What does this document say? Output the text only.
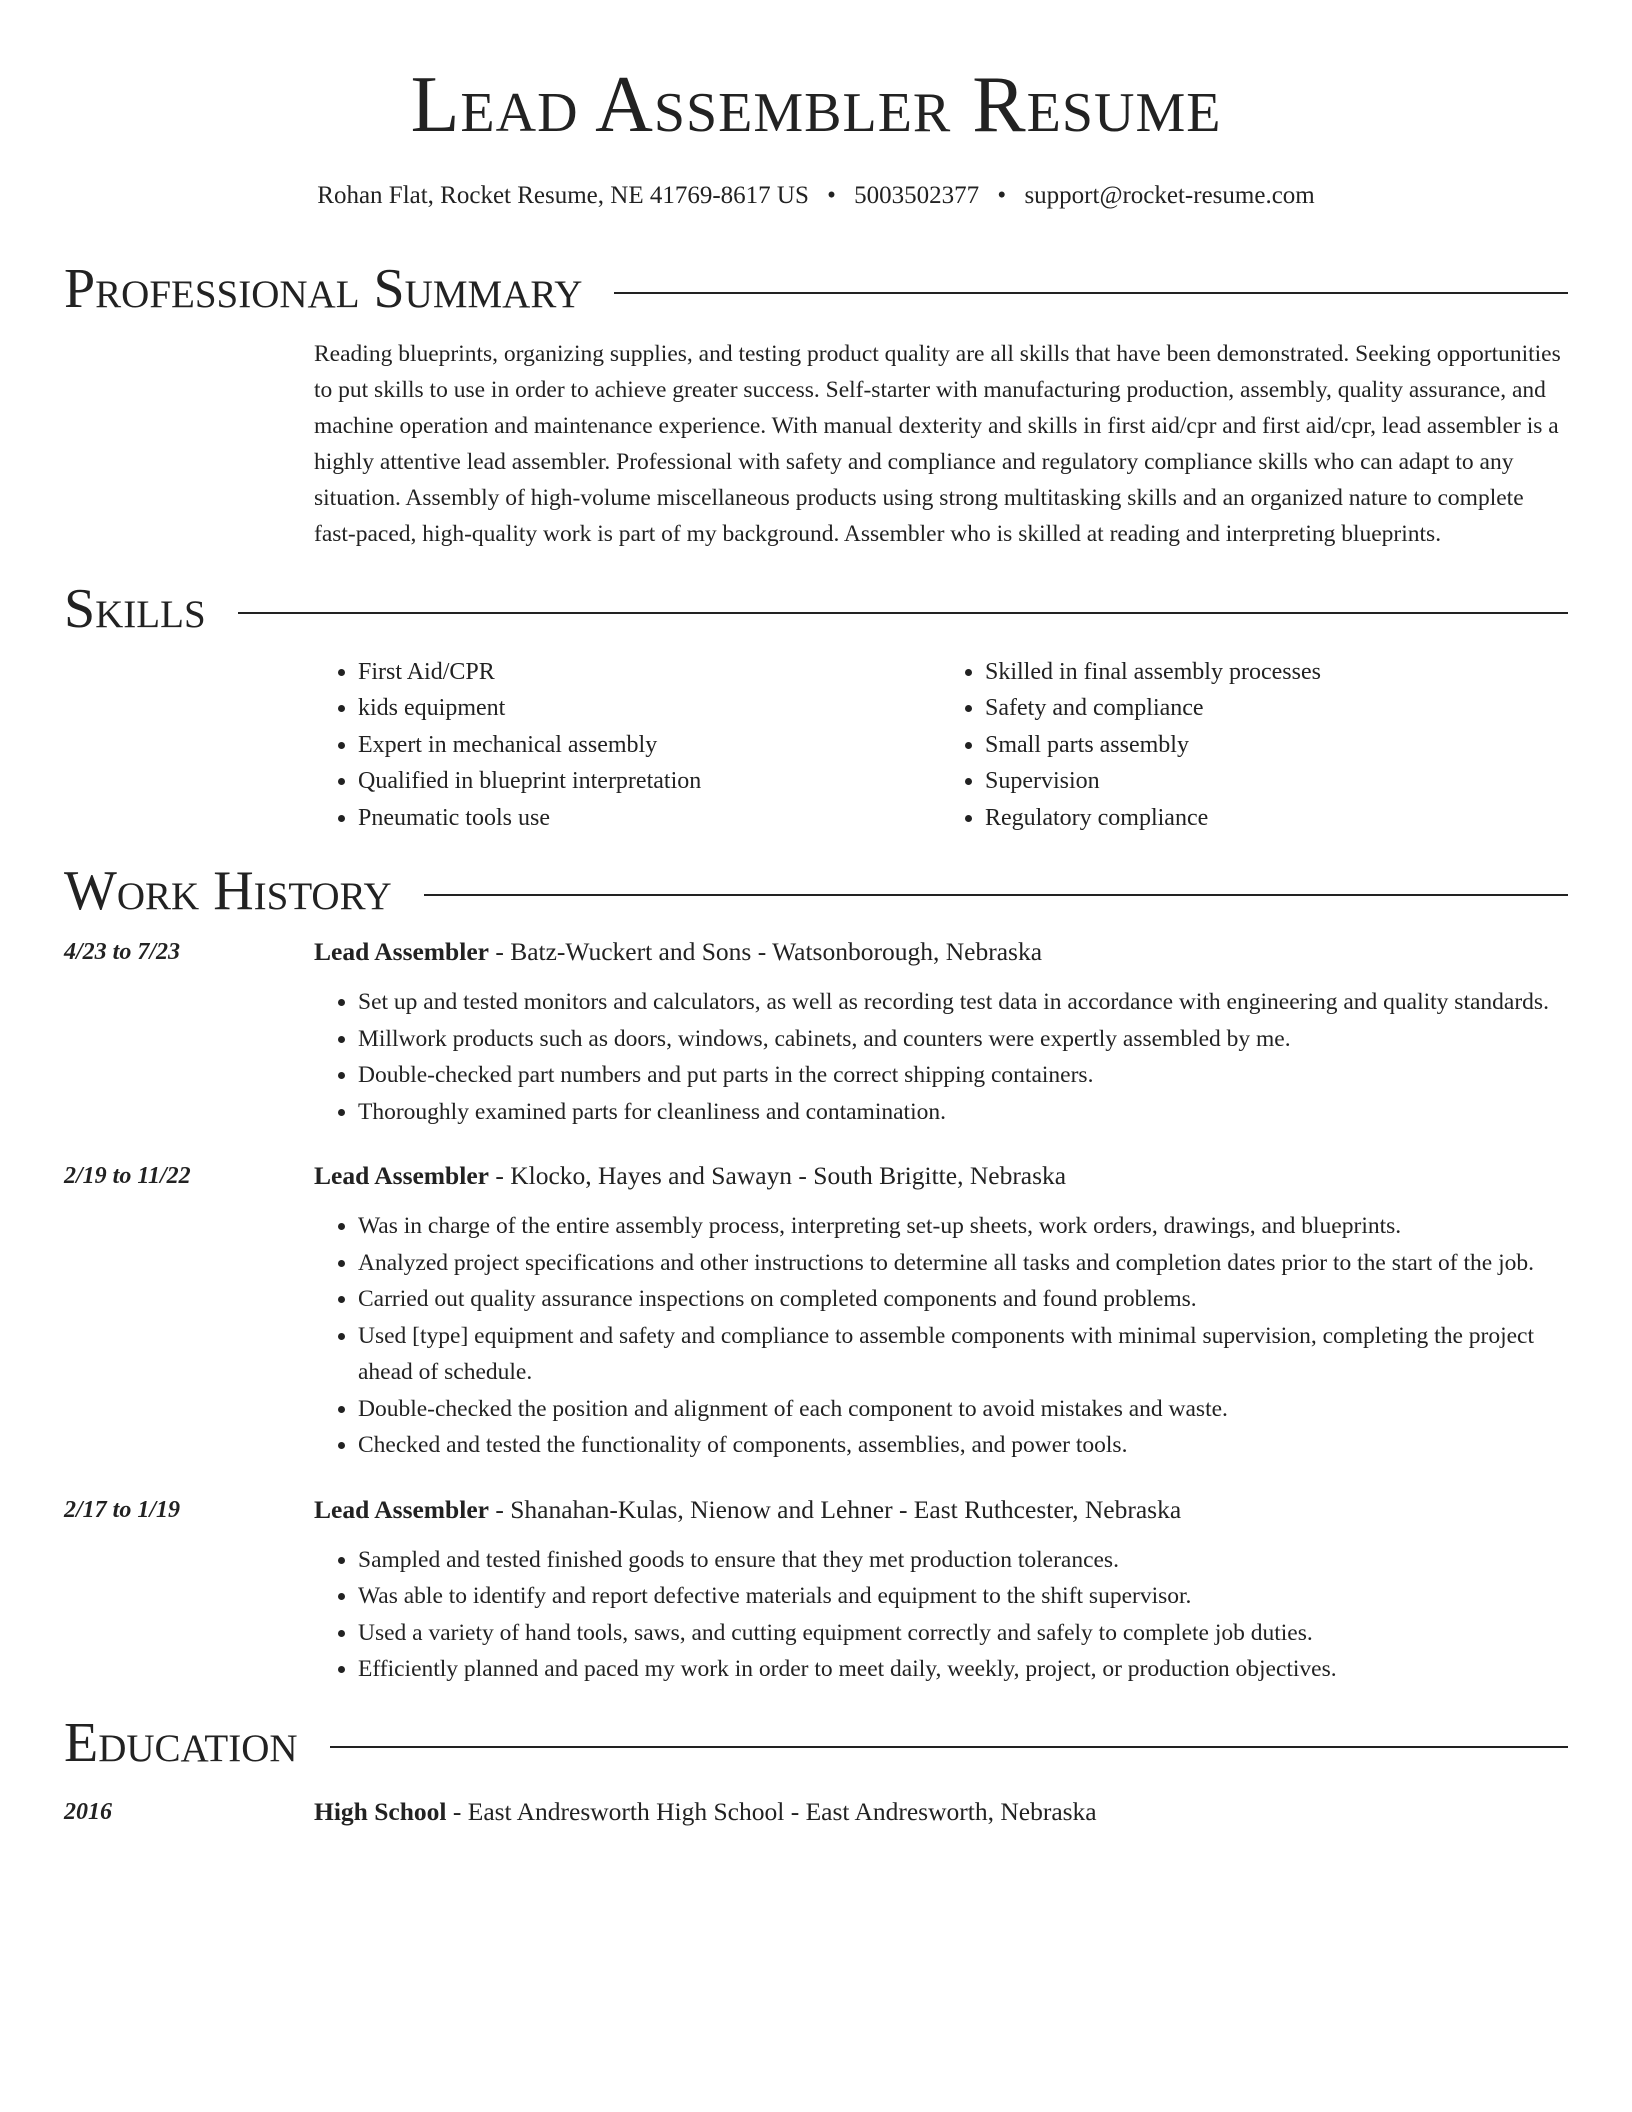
Lead Assembler Resume
Rohan Flat, Rocket Resume, NE 41769-8617 US • 5003502377 • support@rocket-resume.com
Professional Summary

Reading blueprints, organizing supplies, and testing product quality are all skills that have been demonstrated. Seeking opportunities to put skills to use in order to achieve greater success. Self-starter with manufacturing production, assembly, quality assurance, and machine operation and maintenance experience. With manual dexterity and skills in first aid/cpr and first aid/cpr, lead assembler is a highly attentive lead assembler. Professional with safety and compliance and regulatory compliance skills who can adapt to any situation. Assembly of high-volume miscellaneous products using strong multitasking skills and an organized nature to complete fast-paced, high-quality work is part of my background. Assembler who is skilled at reading and interpreting blueprints.

Skills
• First Aid/CPR
• kids equipment
• Expert in mechanical assembly
• Qualified in blueprint interpretation
• Pneumatic tools use
• Skilled in final assembly processes
• Safety and compliance
• Small parts assembly
• Supervision
• Regulatory compliance
Work History
4/23 to 7/23	Lead Assembler - Batz-Wuckert and Sons - Watsonborough, Nebraska
• Set up and tested monitors and calculators, as well as recording test data in accordance with engineering and quality standards.
• Millwork products such as doors, windows, cabinets, and counters were expertly assembled by me.
• Double-checked part numbers and put parts in the correct shipping containers.
• Thoroughly examined parts for cleanliness and contamination.
2/19 to 11/22	Lead Assembler - Klocko, Hayes and Sawayn - South Brigitte, Nebraska
• Was in charge of the entire assembly process, interpreting set-up sheets, work orders, drawings, and blueprints.
• Analyzed project specifications and other instructions to determine all tasks and completion dates prior to the start of the job.
• Carried out quality assurance inspections on completed components and found problems.
• Used [type] equipment and safety and compliance to assemble components with minimal supervision, completing the project ahead of schedule.
• Double-checked the position and alignment of each component to avoid mistakes and waste.
• Checked and tested the functionality of components, assemblies, and power tools.
2/17 to 1/19	Lead Assembler - Shanahan-Kulas, Nienow and Lehner - East Ruthcester, Nebraska
• Sampled and tested finished goods to ensure that they met production tolerances.
• Was able to identify and report defective materials and equipment to the shift supervisor.
• Used a variety of hand tools, saws, and cutting equipment correctly and safely to complete job duties.
• Efficiently planned and paced my work in order to meet daily, weekly, project, or production objectives.
Education
2016	High School - East Andresworth High School - East Andresworth, Nebraska
